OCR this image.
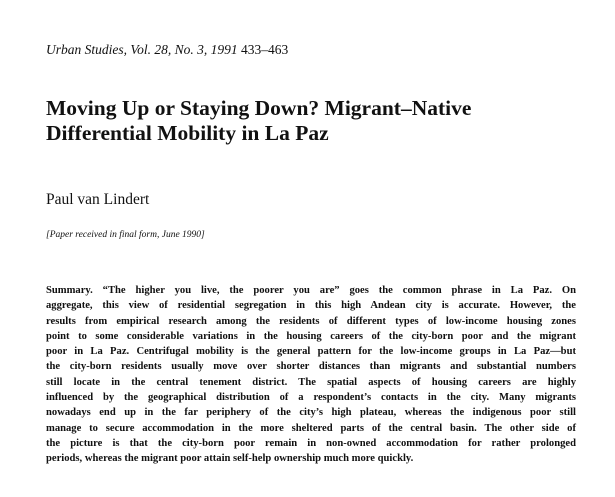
Urban Studies, Vol. 28, No. 3, 1991 433–463
Moving Up or Staying Down? Migrant–Native
Differential Mobility in La Paz
Paul van Lindert
[Paper received in final form, June 1990]
Summary. “The higher you live, the poorer you are” goes the common phrase in La Paz. On
aggregate, this view of residential segregation in this high Andean city is accurate. However, the
results from empirical research among the residents of different types of low-income housing zones
point to some considerable variations in the housing careers of the city-born poor and the migrant
poor in La Paz. Centrifugal mobility is the general pattern for the low-income groups in La Paz—but
the city-born residents usually move over shorter distances than migrants and substantial numbers
still locate in the central tenement district. The spatial aspects of housing careers are highly
influenced by the geographical distribution of a respondent’s contacts in the city. Many migrants
nowadays end up in the far periphery of the city’s high plateau, whereas the indigenous poor still
manage to secure accommodation in the more sheltered parts of the central basin. The other side of
the picture is that the city-born poor remain in non-owned accommodation for rather prolonged
periods, whereas the migrant poor attain self-help ownership much more quickly.
